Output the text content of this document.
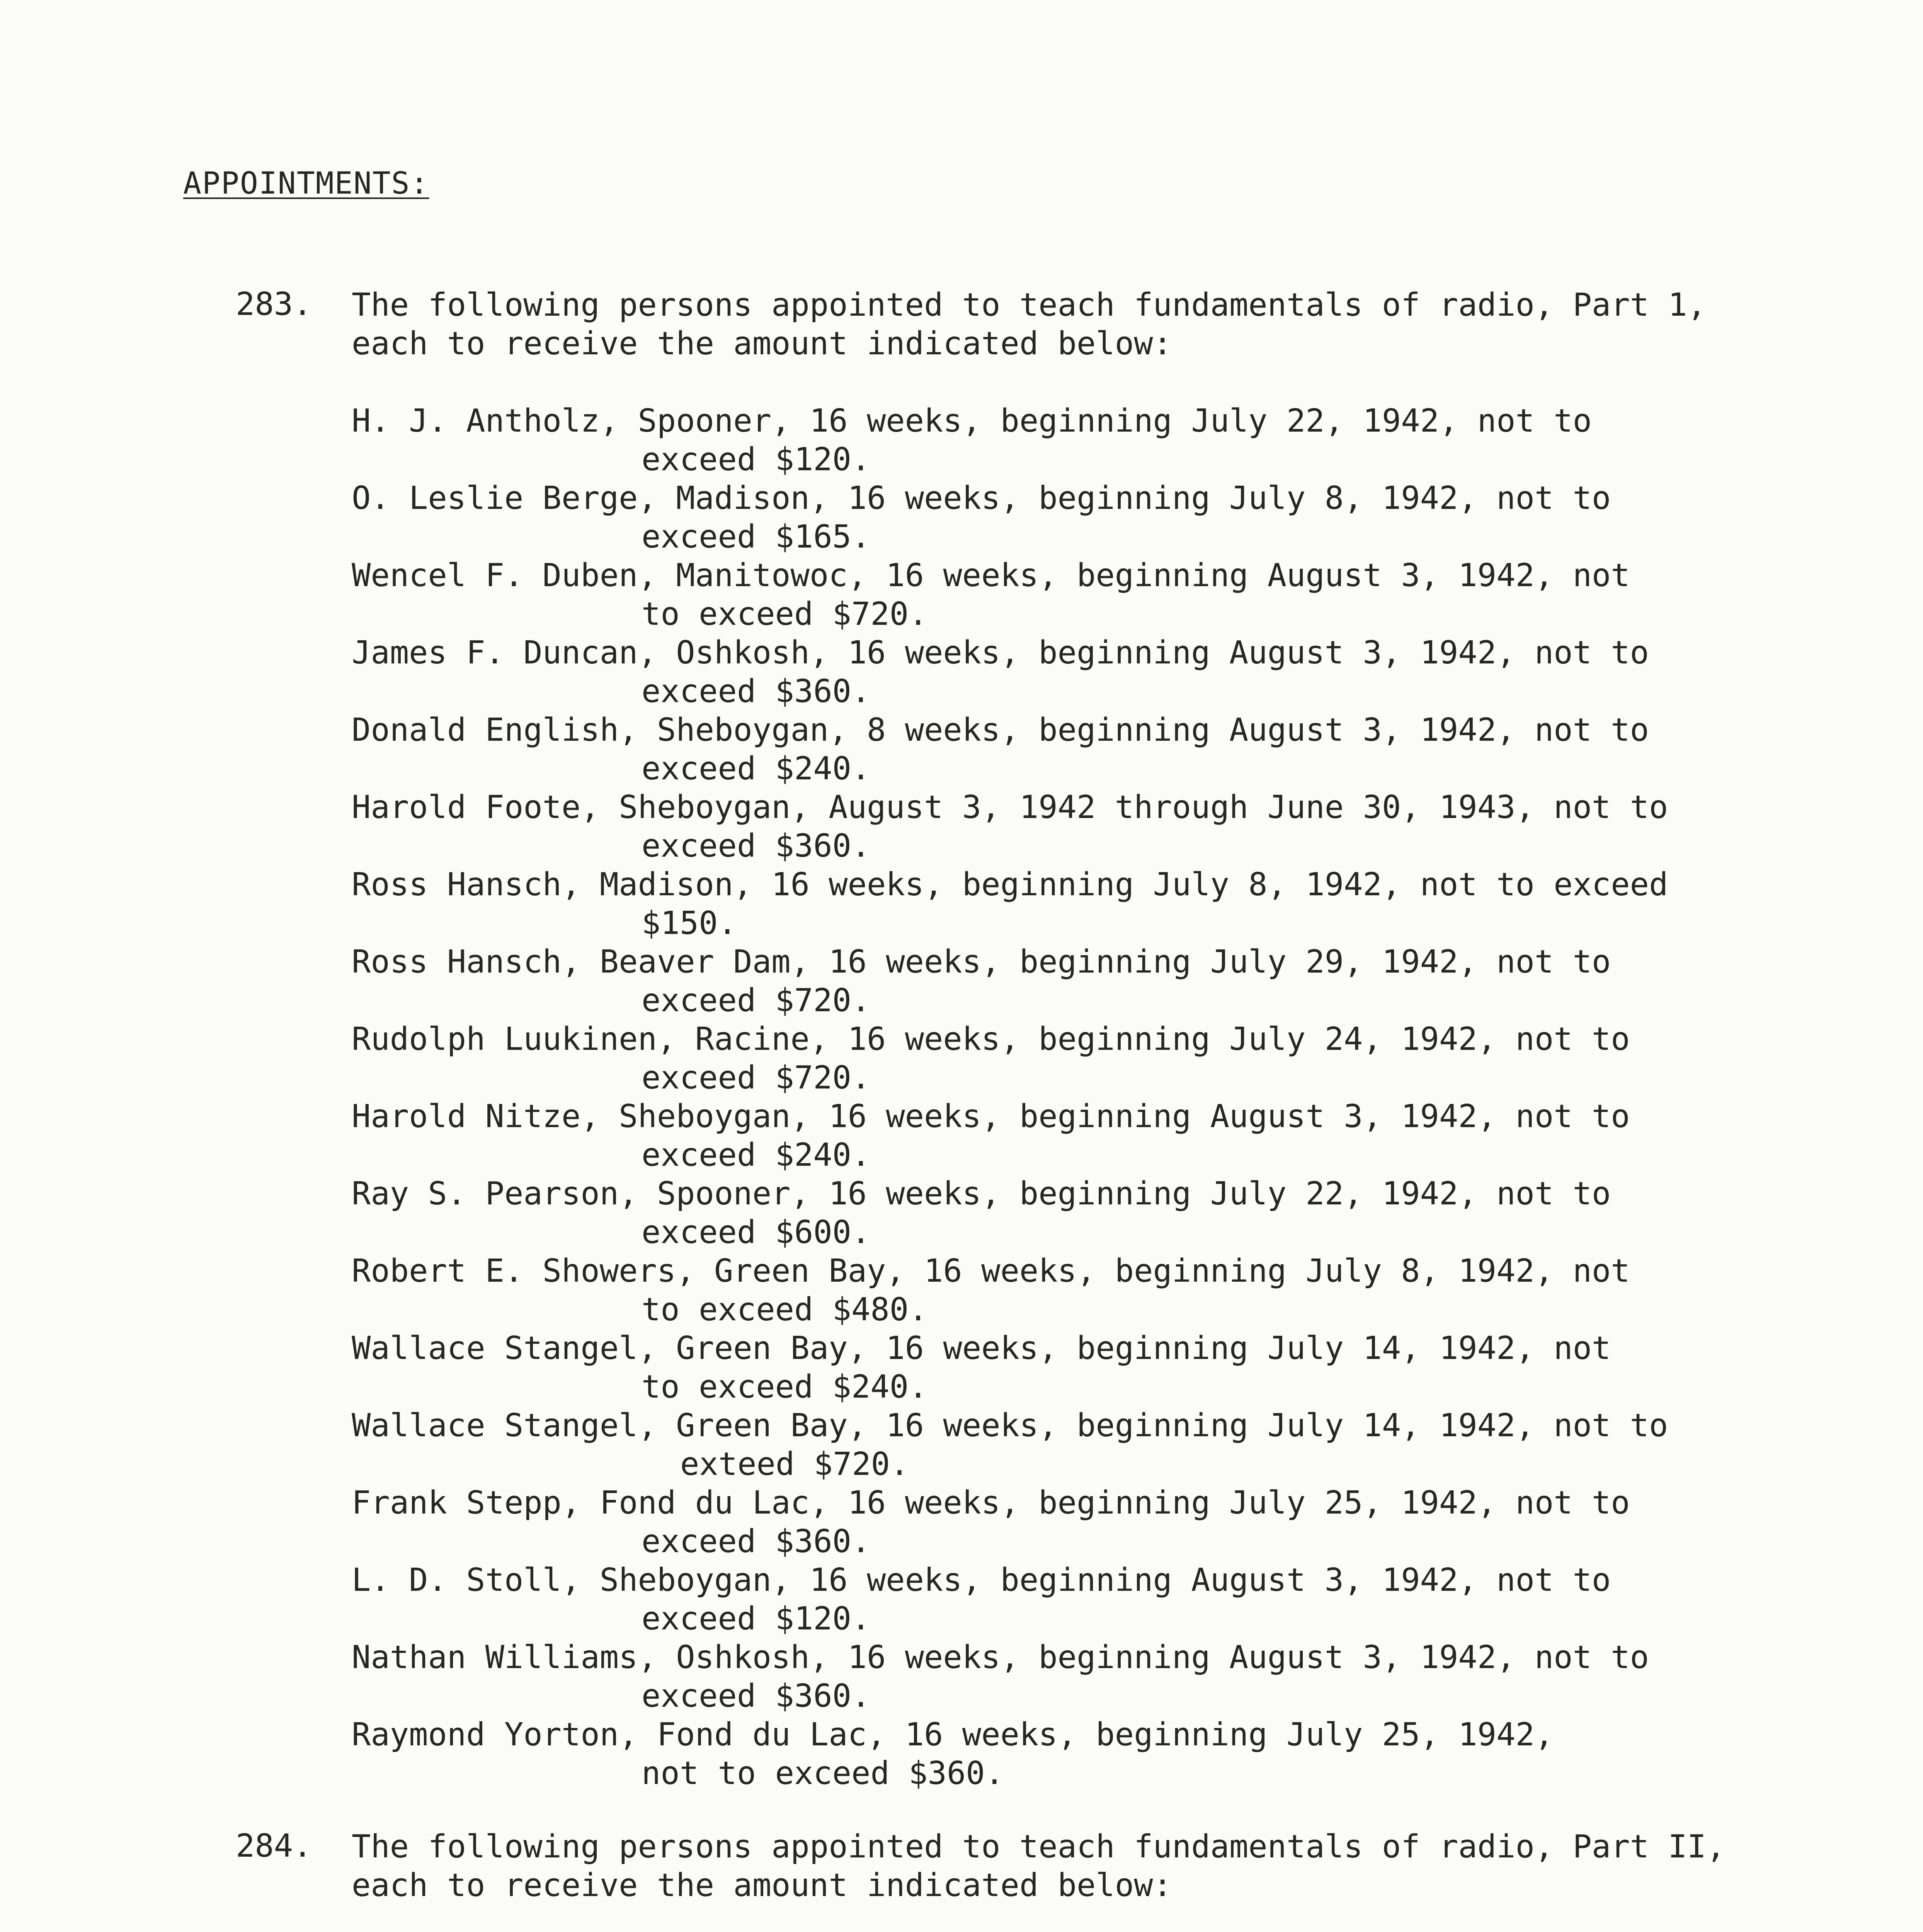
APPOINTMENTS:
283. The following persons appointed to teach fundamentals of radio, Part 1,
each to receive the amount indicated below:
H. J. Antholz, Spooner, 16 weeks, beginning July 22, 1942, not to
exceed $120.
O. Leslie Berge, Madison, 16 weeks, beginning July 8, 1942, not to
exceed $165.
Wencel F. Duben, Manitowoc, 16 weeks, beginning August 3, 1942, not
to exceed $720.
James F. Duncan, Oshkosh, 16 weeks, beginning August 3, 1942, not to
exceed $360.
Donald English, Sheboygan, 8 weeks, beginning August 3, 1942, not to
exceed $240.
Harold Foote, Sheboygan, August 3, 1942 through June 30, 1943, not to
exceed $360.
Ross Hansch, Madison, 16 weeks, beginning July 8, 1942, not to exceed
$150.
Ross Hansch, Beaver Dam, 16 weeks, beginning July 29, 1942, not to
exceed $720.
Rudolph Luukinen, Racine, 16 weeks, beginning July 24, 1942, not to
exceed $720.
Harold Nitze, Sheboygan, 16 weeks, beginning August 3, 1942, not to
exceed $240.
Ray S. Pearson, Spooner, 16 weeks, beginning July 22, 1942, not to
exceed $600.
Robert E. Showers, Green Bay, 16 weeks, beginning July 8, 1942, not
to exceed $480.
Wallace Stangel, Green Bay, 16 weeks, beginning July 14, 1942, not
to exceed $240.
Wallace Stangel, Green Bay, 16 weeks, beginning July 14, 1942, not to
exteed $720.
Frank Stepp, Fond du Lac, 16 weeks, beginning July 25, 1942, not to
exceed $360.
L. D. Stoll, Sheboygan, 16 weeks, beginning August 3, 1942, not to
exceed $120.
Nathan Williams, Oshkosh, 16 weeks, beginning August 3, 1942, not to
exceed $360.
Raymond Yorton, Fond du Lac, 16 weeks, beginning July 25, 1942,
not to exceed $360.
284. The following persons appointed to teach fundamentals of radio, Part II,
each to receive the amount indicated below:
